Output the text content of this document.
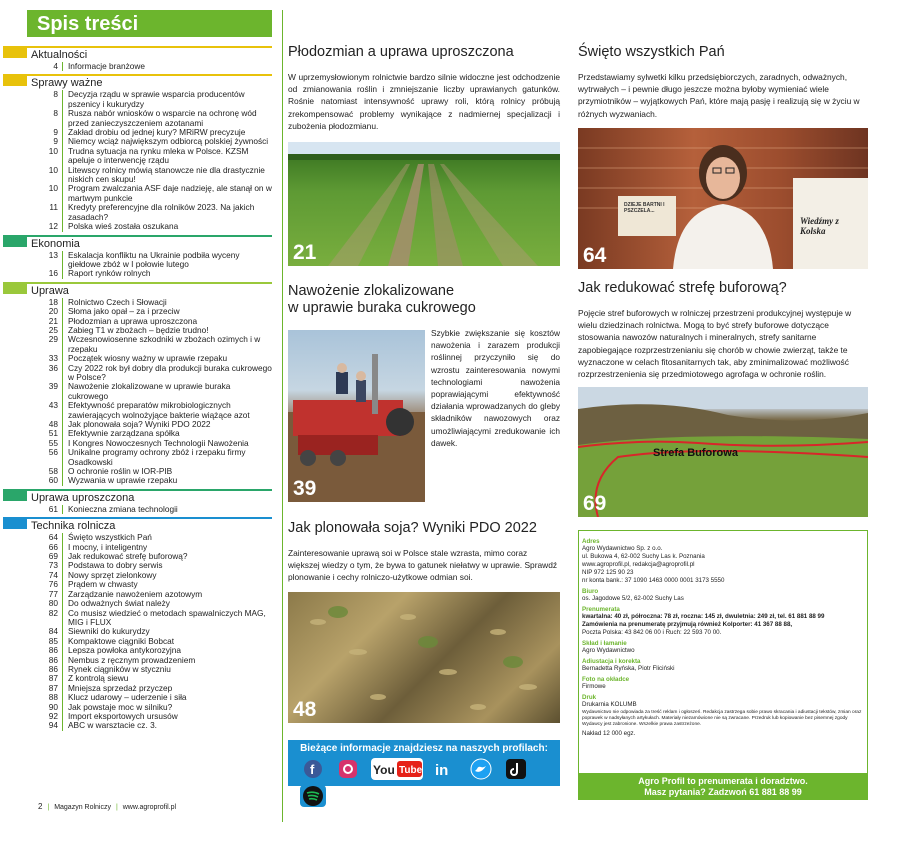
Spis treści
Aktualności
4	Informacje branżowe
Sprawy ważne
8	Decyzja rządu w sprawie wsparcia producentów pszenicy i kukurydzy
8	Rusza nabór wniosków o wsparcie na ochronę wód przed zanieczyszczeniem azotanami
9	Zakład drobiu od jednej kury? MRiRW precyzuje
9	Niemcy wciąż największym odbiorcą polskiej żywności
10	Trudna sytuacja na rynku mleka w Polsce. KZSM apeluje o interwencję rządu
10	Litewscy rolnicy mówią stanowcze nie dla drastycznie niskich cen skupu!
10	Program zwalczania ASF daje nadzieję, ale stanął on w martwym punkcie
11	Kredyty preferencyjne dla rolników 2023. Na jakich zasadach?
12	Polska wieś została oszukana
Ekonomia
13	Eskalacja konfliktu na Ukrainie podbiła wyceny giełdowe zbóż w I połowie lutego
16	Raport rynków rolnych
Uprawa
18	Rolnictwo Czech i Słowacji
20	Słoma jako opał – za i przeciw
21	Płodozmian a uprawa uproszczona
25	Zabieg T1 w zbożach – będzie trudno!
29	Wczesnowiosenne szkodniki w zbożach ozimych i w rzepaku
33	Początek wiosny ważny w uprawie rzepaku
36	Czy 2022 rok był dobry dla produkcji buraka cukrowego w Polsce?
39	Nawożenie zlokalizowane w uprawie buraka cukrowego
43	Efektywność preparatów mikrobiologicznych zawierających wolnożyjące bakterie wiążące azot
48	Jak plonowała soja? Wyniki PDO 2022
51	Efektywnie zarządzana spółka
55	I Kongres Nowoczesnych Technologii Nawożenia
56	Unikalne programy ochrony zbóż i rzepaku firmy Osadkowski
58	O ochronie roślin w IOR-PIB
60	Wyzwania w uprawie rzepaku
Uprawa uproszczona
61	Konieczna zmiana technologii
Technika rolnicza
64	Święto wszystkich Pań
66	I mocny, i inteligentny
69	Jak redukować strefę buforową?
73	Podstawa to dobry serwis
74	Nowy sprzęt zielonkowy
76	Prądem w chwasty
77	Zarządzanie nawożeniem azotowym
80	Do odważnych świat należy
82	Co musisz wiedzieć o metodach spawalniczych MAG, MIG i FLUX
84	Siewniki do kukurydzy
85	Kompaktowe ciągniki Bobcat
86	Lepsza powłoka antykorozyjna
86	Nembus z ręcznym prowadzeniem
86	Rynek ciągników w styczniu
87	Z kontrolą siewu
87	Mniejsza sprzedaż przyczep
88	Klucz udarowy – uderzenie i siła
90	Jak powstaje moc w silniku?
92	Import eksportowych ursusów
94	ABC w warsztacie cz. 3.
2 | Magazyn Rolniczy | www.agroprofil.pl
Płodozmian a uprawa uproszczona

W uprzemysłowionym rolnictwie bardzo silnie widoczne jest odchodzenie od zmianowania roślin i zmniejszanie liczby uprawianych gatunków. Rośnie natomiast intensywność uprawy roli, którą rolnicy próbują zrekompensować problemy wynikające z nadmiernej specjalizacji i zubożenia płodozmianu.

21
Nawożenie zlokalizowane
w uprawie buraka cukrowego
39

Szybkie zwiększanie się kosztów nawożenia i zarazem produkcji roślinnej przyczyniło się do wzrostu zainteresowania nowymi technologiami nawożenia poprawiającymi efektywność działania wprowadzanych do gleby składników nawozowych oraz umożliwiającymi zredukowanie ich dawek.

Jak plonowała soja? Wyniki PDO 2022

Zainteresowanie uprawą soi w Polsce stale wzrasta, mimo coraz większej wiedzy o tym, że bywa to gatunek niełatwy w uprawie. Sprawdź plonowanie i cechy rolniczo-użytkowe odmian soi.

48
Bieżące informacje znajdziesz na naszych profilach:
f
	You Tube
in

Święto wszystkich Pań

Przedstawiamy sylwetki kilku przedsiębiorczych, zaradnych, odważnych, wytrwałych – i pewnie długo jeszcze można byłoby wymieniać wiele przymiotników – wyjątkowych Pań, które mają pasję i realizują się w życiu w różnych wyzwaniach.

DZIEJE BARTNI I PSZCZELA...
Wiedźmy z Kolska
64
Jak redukować strefę buforową?

Pojęcie stref buforowych w rolniczej przestrzeni produkcyjnej występuje w wielu dziedzinach rolnictwa. Mogą to być strefy buforowe dotyczące stosowania nawozów naturalnych i mineralnych, strefy sanitarne zapobiegające rozprzestrzenianiu się chorób w chowie zwierząt, także te wyznaczone w celach fitosanitarnych tak, aby zminimalizować możliwość rozprzestrzenienia się przedmiotowego agrofaga w ochronie roślin.

Strefa Buforowa
69
Adres
Agro Wydawnictwo Sp. z o.o.
ul. Bukowa 4, 62-002 Suchy Las k. Poznania
www.agroprofil.pl, redakcja@agroprofil.pl
NIP 972 125 90 23
nr konta bank.: 37 1090 1463 0000 0001 3173 5550
Biuro
os. Jagodowe 5/2, 62-002 Suchy Las
Prenumerata
kwartalna: 40 zł, półroczna: 78 zł, roczna: 145 zł, dwuletnia: 249 zł, tel. 61 881 88 99
Zamówienia na prenumeratę przyjmują również Kolporter: 41 367 88 88,
Poczta Polska: 43 842 06 00 i Ruch: 22 593 70 00.
Skład i łamanie
Agro Wydawnictwo
Adiustacja i korekta
Bernadetta Ryńska, Piotr Fliciński
Foto na okładce
Firmowe
Druk
Drukarnia KOLUMB
Wydawnictwo nie odpowiada za treść reklam i ogłoszeń. Redakcja zastrzega sobie prawo skracania i adiustacji tekstów, zmian oraz poprawek w nadsyłanych artykułach. Materiały niezamówione nie są zwracane. Przedruk lub kopiowanie bez pisemnej zgody Wydawcy jest zabronione. Wszelkie prawa zastrzeżone.
Nakład 12 000 egz.
Agro Profil to prenumerata i doradztwo.
Masz pytania? Zadzwoń 61 881 88 99
